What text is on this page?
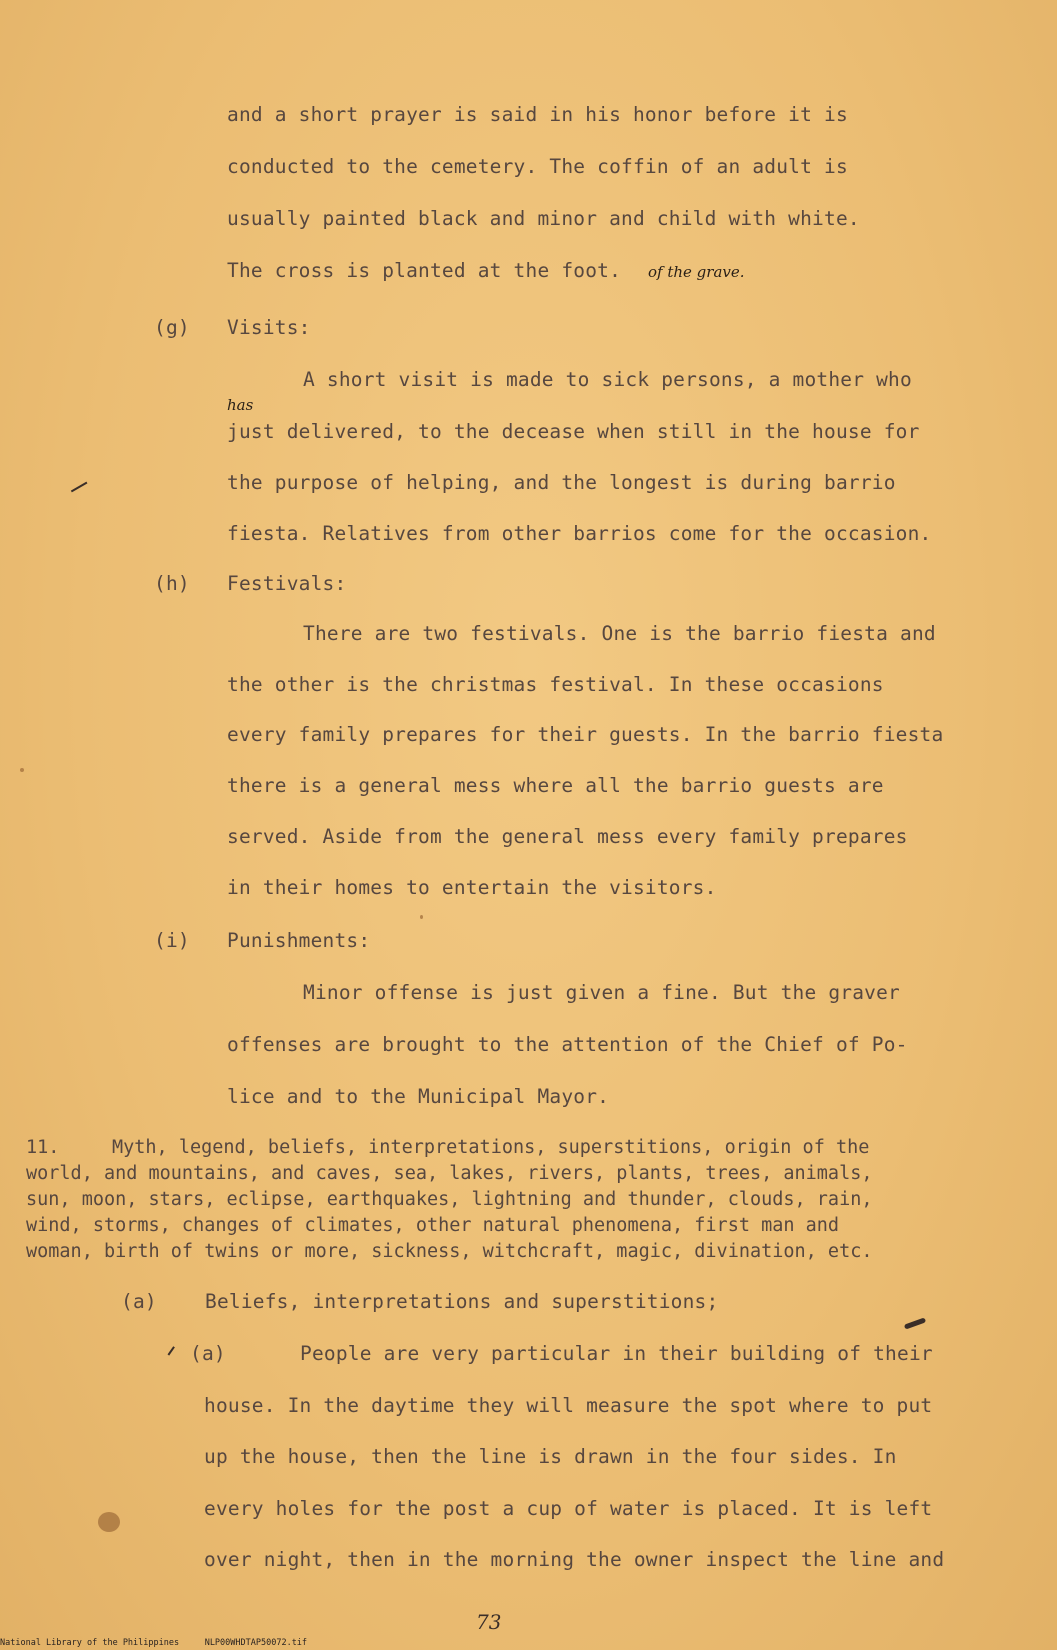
and a short prayer is said in his honor before it is
conducted to the cemetery. The coffin of an adult is
usually painted black and minor and child with white.
The cross is planted at the foot. of the grave.
(g) Visits:
A short visit is made to sick persons, a mother who
has
just delivered, to the decease when still in the house for
the purpose of helping, and the longest is during barrio
fiesta. Relatives from other barrios come for the occasion.
(h) Festivals:
There are two festivals. One is the barrio fiesta and
the other is the christmas festival. In these occasions
every family prepares for their guests. In the barrio fiesta
there is a general mess where all the barrio guests are
served. Aside from the general mess every family prepares
in their homes to entertain the visitors.
(i) Punishments:
Minor offense is just given a fine. But the graver
offenses are brought to the attention of the Chief of Po-
lice and to the Municipal Mayor.
11.	Myth, legend, beliefs, interpretations, superstitions, origin of the
world, and mountains, and caves, sea, lakes, rivers, plants, trees, animals,
sun, moon, stars, eclipse, earthquakes, lightning and thunder, clouds, rain,
wind, storms, changes of climates, other natural phenomena, first man and
woman, birth of twins or more, sickness, witchcraft, magic, divination, etc.
(a) Beliefs, interpretations and superstitions;
(a)	People are very particular in their building of their
house. In the daytime they will measure the spot where to put
up the house, then the line is drawn in the four sides. In
every holes for the post a cup of water is placed. It is left
over night, then in the morning the owner inspect the line and
73
National Library of the Philippines     NLP00WHDTAP50072.tif
